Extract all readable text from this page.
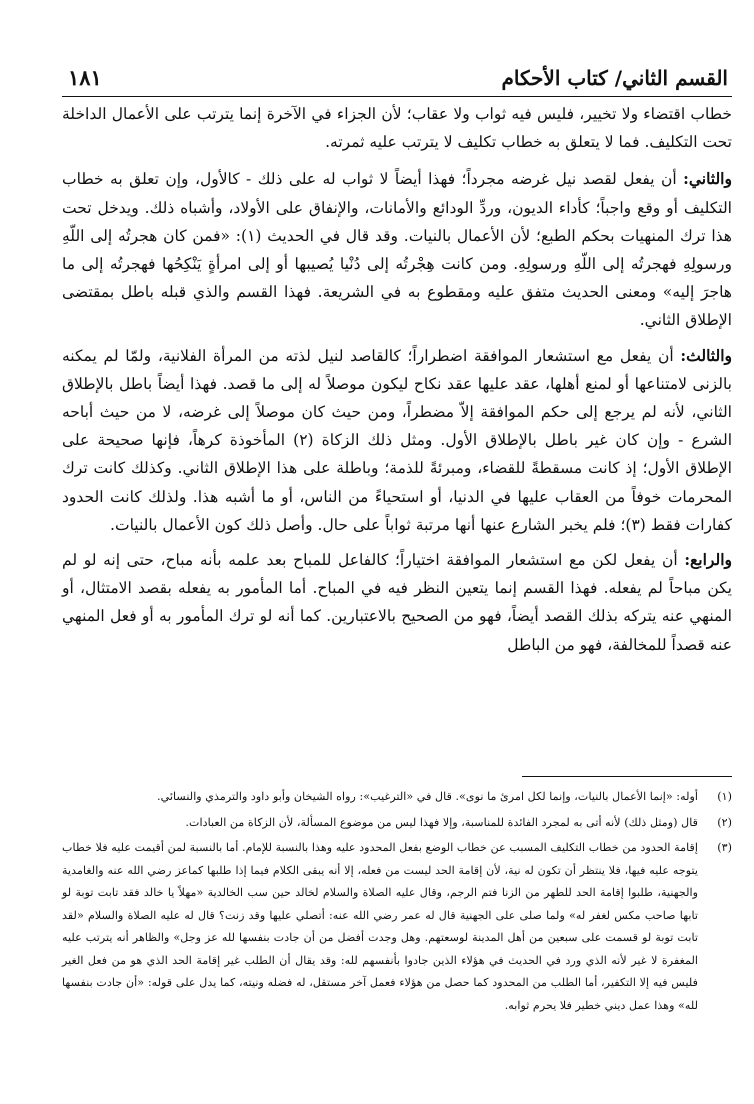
القسم الثاني/ كتاب الأحكام
١٨١

خطاب اقتضاء ولا تخيير، فليس فيه ثواب ولا عقاب؛ لأن الجزاء في الآخرة إنما يترتب على الأعمال الداخلة تحت التكليف. فما لا يتعلق به خطاب تكليف لا يترتب عليه ثمرته.

والثاني: أن يفعل لقصد نيل غرضه مجرداً؛ فهذا أيضاً لا ثواب له على ذلك - كالأول، وإن تعلق به خطاب التكليف أو وقع واجباً؛ كأداء الديون، وردِّ الودائع والأمانات، والإنفاق على الأولاد، وأشباه ذلك. ويدخل تحت هذا ترك المنهيات بحكم الطبع؛ لأن الأعمال بالنيات. وقد قال في الحديث (١): «فمن كان هجرتُه إلى اللّهِ ورسولِهِ فهجرتُه إلى اللّهِ ورسولِهِ. ومن كانت هِجْرتُه إلى دُنْيا يُصيبها أو إلى امرأةٍ يَنْكِحُها فهجرتُه إلى ما هاجرَ إليه» ومعنى الحديث متفق عليه ومقطوع به في الشريعة. فهذا القسم والذي قبله باطل بمقتضى الإطلاق الثاني.

والثالث: أن يفعل مع استشعار الموافقة اضطراراً؛ كالقاصد لنيل لذته من المرأة الفلانية، ولمّا لم يمكنه بالزنى لامتناعها أو لمنع أهلها، عقد عليها عقد نكاح ليكون موصلاً له إلى ما قصد. فهذا أيضاً باطل بالإطلاق الثاني، لأنه لم يرجع إلى حكم الموافقة إلاّ مضطراً، ومن حيث كان موصلاً إلى غرضه، لا من حيث أباحه الشرع - وإن كان غير باطل بالإطلاق الأول. ومثل ذلك الزكاة (٢) المأخوذة كرهاً، فإنها صحيحة على الإطلاق الأول؛ إذ كانت مسقطةً للقضاء، ومبرئةً للذمة؛ وباطلة على هذا الإطلاق الثاني. وكذلك كانت ترك المحرمات خوفاً من العقاب عليها في الدنيا، أو استحياءً من الناس، أو ما أشبه هذا. ولذلك كانت الحدود كفارات فقط (٣)؛ فلم يخبر الشارع عنها أنها مرتبة ثواباً على حال. وأصل ذلك كون الأعمال بالنيات.

والرابع: أن يفعل لكن مع استشعار الموافقة اختياراً؛ كالفاعل للمباح بعد علمه بأنه مباح، حتى إنه لو لم يكن مباحاً لم يفعله. فهذا القسم إنما يتعين النظر فيه في المباح. أما المأمور به يفعله بقصد الامتثال، أو المنهي عنه يتركه بذلك القصد أيضاً، فهو من الصحيح بالاعتبارين. كما أنه لو ترك المأمور به أو فعل المنهي عنه قصداً للمخالفة، فهو من الباطل

(١)
أوله: «إنما الأعمال بالنيات، وإنما لكل امرئ ما نوى». قال في «الترغيب»: رواه الشيخان وأبو داود والترمذي والنسائي.
(٢)
قال (ومثل ذلك) لأنه أتى به لمجرد الفائدة للمناسبة، وإلا فهذا ليس من موضوع المسألة، لأن الزكاة من العبادات.
(٣)
إقامة الحدود من خطاب التكليف المسبب عن خطاب الوضع بفعل المحدود عليه وهذا بالنسبة للإمام. أما بالنسبة لمن أقيمت عليه فلا خطاب يتوجه عليه فيها، فلا ينتظر أن تكون له نية، لأن إقامة الحد ليست من فعله، إلا أنه يبقى الكلام فيما إذا طلبها كماعز رضي الله عنه والغامدية والجهنية، طلبوا إقامة الحد للطهر من الزنا فتم الرجم، وقال عليه الصلاة والسلام لخالد حين سب الخالدية «مهلاً يا خالد فقد تابت توبة لو تابها صاحب مكس لغفر له» ولما صلى على الجهنية قال له عمر رضي الله عنه: أتصلي عليها وقد زنت؟ قال له عليه الصلاة والسلام «لقد تابت توبة لو قسمت على سبعين من أهل المدينة لوسعتهم. وهل وجدت أفضل من أن جادت بنفسها لله عز وجل» والظاهر أنه يترتب عليه المغفرة لا غير لأنه الذي ورد في الحديث في هؤلاء الذين جادوا بأنفسهم لله: وقد يقال أن الطلب غير إقامة الحد الذي هو من فعل الغير فليس فيه إلا التكفير، أما الطلب من المحدود كما حصل من هؤلاء فعمل آخر مستقل، له فضله ونيته، كما يدل على قوله: «أن جادت بنفسها لله» وهذا عمل ديني خطير فلا يحرم ثوابه.
